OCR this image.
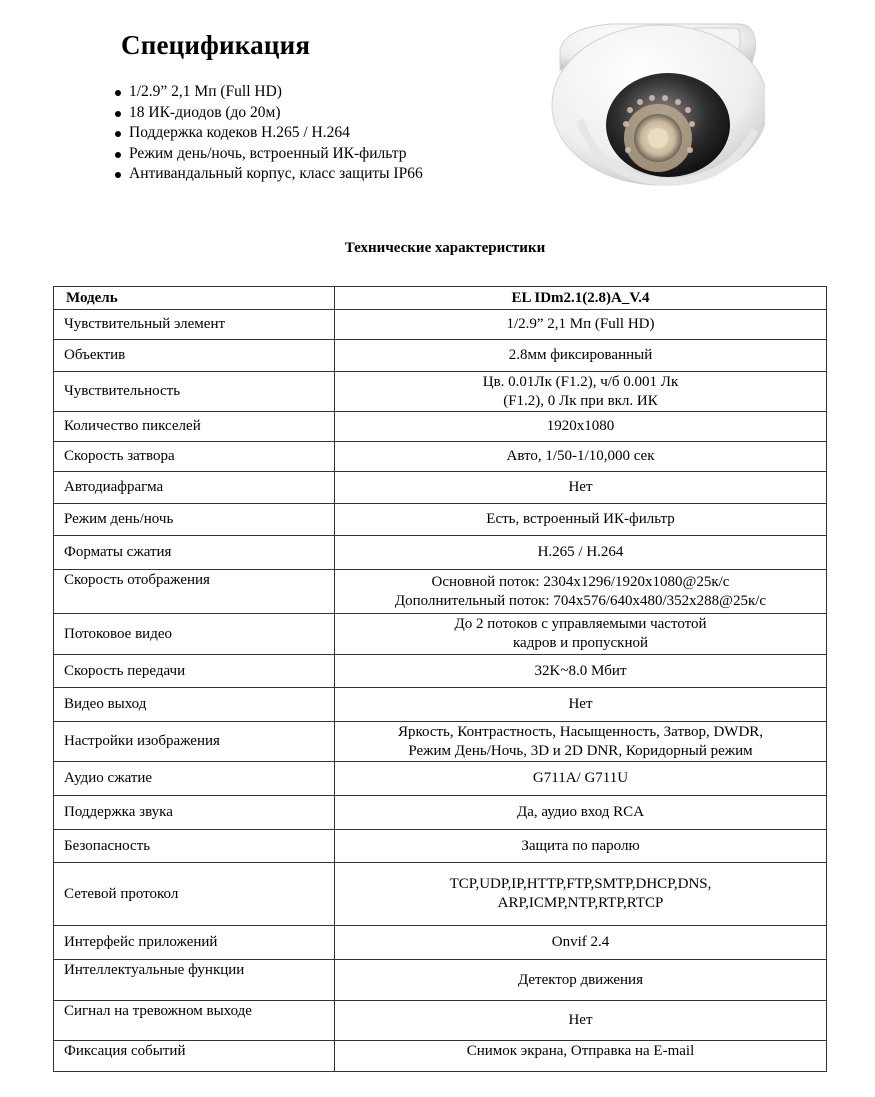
Спецификация
1/2.9” 2,1 Мп (Full HD)
18 ИК-диодов (до 20м)
Поддержка кодеков H.265 / H.264
Режим день/ночь, встроенный ИК-фильтр
Антивандальный корпус, класс защиты IP66
Технические характеристики
Модель	EL IDm2.1(2.8)A_V.4
Чувствительный элемент	1/2.9” 2,1 Мп (Full HD)

Объектив	2.8мм фиксированный

Чувствительность	Цв. 0.01Лк (F1.2), ч/б 0.001 Лк
(F1.2), 0 Лк при вкл. ИК

Количество пикселей	1920x1080

Скорость затвора	Авто, 1/50-1/10,000 сек

Автодиафрагма	Нет

Режим день/ночь	Есть, встроенный ИК-фильтр

Форматы сжатия	H.265 / H.264

Скорость отображения	Основной поток: 2304x1296/1920x1080@25к/с
Дополнительный поток: 704x576/640x480/352x288@25к/с

Потоковое видео	До 2 потоков с управляемыми частотой
кадров и пропускной

Скорость передачи	32K~8.0 Мбит

Видео выход	Нет

Настройки изображения	Яркость, Контрастность, Насыщенность, Затвор, DWDR,
Режим День/Ночь, 3D и 2D DNR, Коридорный режим

Аудио сжатие	G711A/ G711U

Поддержка звука	Да, аудио вход RCA

Безопасность	Защита по паролю

Сетевой протокол	TCP,UDP,IP,HTTP,FTP,SMTP,DHCP,DNS,
ARP,ICMP,NTP,RTP,RTCP

Интерфейс приложений	Onvif 2.4

Интеллектуальные функции	Детектор движения

Сигнал на тревожном выходе	Нет

Фиксация событий	Снимок экрана, Отправка на E-mail
